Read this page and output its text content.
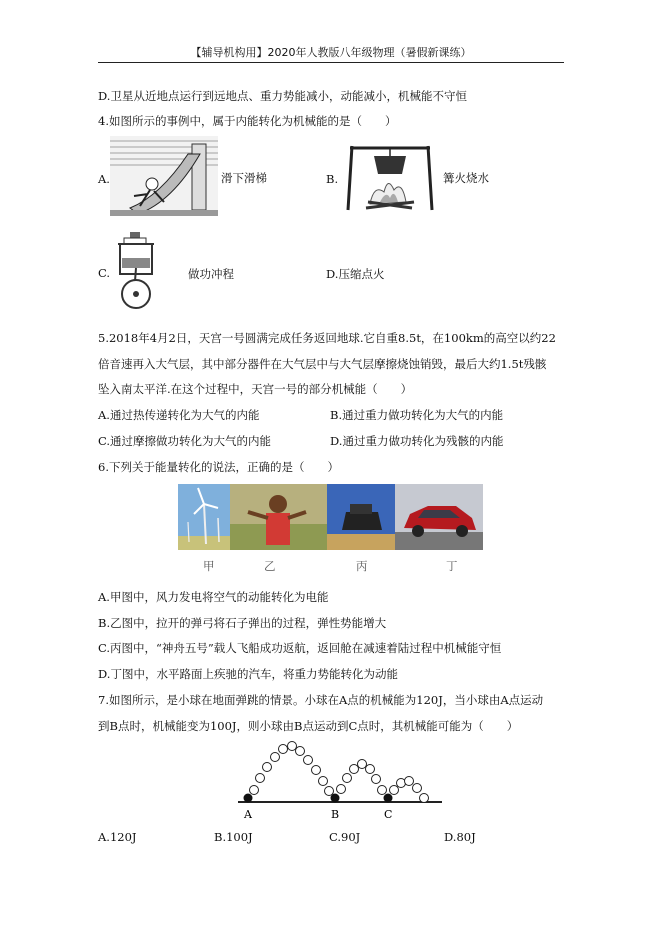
【辅导机构用】2020年人教版八年级物理（暑假新课练）
D.卫星从近地点运行到远地点、重力势能减小，动能减小，机械能不守恒
4.如图所示的事例中，属于内能转化为机械能的是（　　）
A.	滑下滑梯	B.	篝火烧水
C.	做功冲程	D.压缩点火
5.2018年4月2日，天宫一号圆满完成任务返回地球.它自重8.5t，在100km的高空以约22
倍音速再入大气层，其中部分器件在大气层中与大气层摩擦烧蚀销毁，最后大约1.5t残骸
坠入南太平洋.在这个过程中，天宫一号的部分机械能（　　）
A.通过热传递转化为大气的内能	B.通过重力做功转化为大气的内能
C.通过摩擦做功转化为大气的内能	D.通过重力做功转化为残骸的内能
6.下列关于能量转化的说法，正确的是（　　）
甲	乙	丙	丁
A.甲图中，风力发电将空气的动能转化为电能
B.乙图中，拉开的弹弓将石子弹出的过程，弹性势能增大
C.丙图中，“神舟五号”载人飞船成功返航，返回舱在减速着陆过程中机械能守恒
D.丁图中，水平路面上疾驰的汽车，将重力势能转化为动能
7.如图所示，是小球在地面弹跳的情景。小球在A点的机械能为120J，当小球由A点运动
到B点时，机械能变为100J，则小球由B点运动到C点时，其机械能可能为（　　）
A	B	C
A.120J	B.100J	C.90J	D.80J
